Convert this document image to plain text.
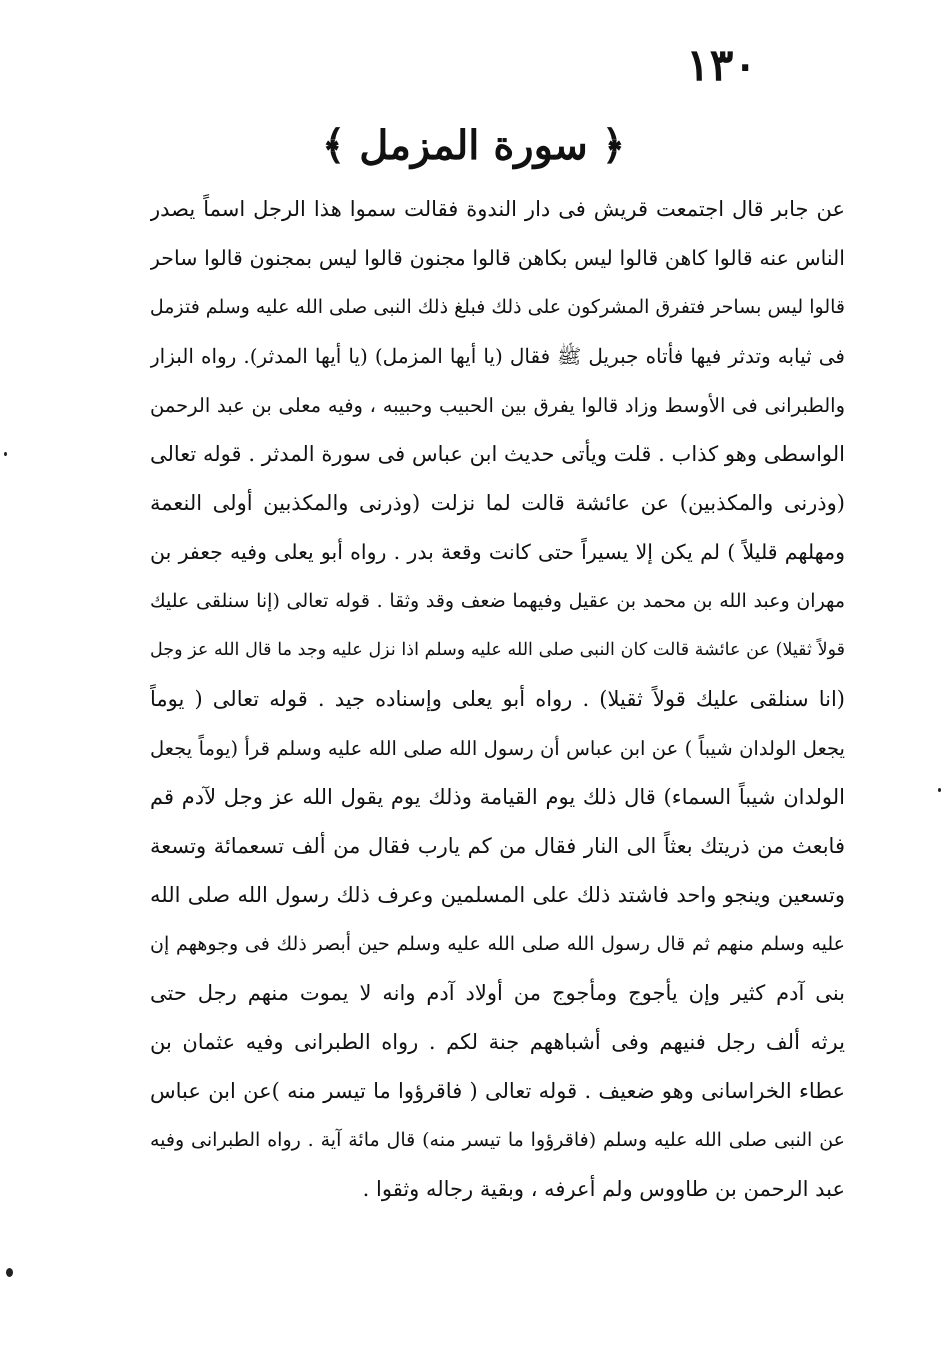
١٣٠
﴿ سورة المزمل ﴾
عن جابر قال اجتمعت قريش فى دار الندوة فقالت سموا هذا الرجل اسماً يصدر
الناس عنه قالوا كاهن قالوا ليس بكاهن قالوا مجنون قالوا ليس بمجنون قالوا ساحر
قالوا ليس بساحر فتفرق المشركون على ذلك فبلغ ذلك النبى صلى الله عليه وسلم فتزمل
فى ثيابه وتدثر فيها فأتاه جبريل ﷺ فقال (يا أيها المزمل) (يا أيها المدثر). رواه البزار
والطبرانى فى الأوسط وزاد قالوا يفرق بين الحبيب وحبيبه ، وفيه معلى بن عبد الرحمن
الواسطى وهو كذاب . قلت ويأتى حديث ابن عباس فى سورة المدثر . قوله تعالى
(وذرنى والمكذبين) عن عائشة قالت لما نزلت (وذرنى والمكذبين أولى النعمة
ومهلهم قليلاً ) لم يكن إلا يسيراً حتى كانت وقعة بدر . رواه أبو يعلى وفيه جعفر بن
مهران وعبد الله بن محمد بن عقيل وفيهما ضعف وقد وثقا . قوله تعالى (إنا سنلقى عليك
قولاً ثقيلا) عن عائشة قالت كان النبى صلى الله عليه وسلم اذا نزل عليه وجد ما قال الله عز وجل
(انا سنلقى عليك قولاً ثقيلا) . رواه أبو يعلى وإسناده جيد . قوله تعالى ( يوماً
يجعل الولدان شيباً ) عن ابن عباس أن رسول الله صلى الله عليه وسلم قرأ (يوماً يجعل
الولدان شيباً السماء) قال ذلك يوم القيامة وذلك يوم يقول الله عز وجل لآدم قم
فابعث من ذريتك بعثاً الى النار فقال من كم يارب فقال من ألف تسعمائة وتسعة
وتسعين وينجو واحد فاشتد ذلك على المسلمين وعرف ذلك رسول الله صلى الله
عليه وسلم منهم ثم قال رسول الله صلى الله عليه وسلم حين أبصر ذلك فى وجوههم إن
بنى آدم كثير وإن يأجوج ومأجوج من أولاد آدم وانه لا يموت منهم رجل حتى
يرثه ألف رجل فنيهم وفى أشباههم جنة لكم . رواه الطبرانى وفيه عثمان بن
عطاء الخراسانى وهو ضعيف . قوله تعالى ( فاقرؤوا ما تيسر منه )عن ابن عباس
عن النبى صلى الله عليه وسلم (فاقرؤوا ما تيسر منه) قال مائة آية . رواه الطبرانى وفيه
عبد الرحمن بن طاووس ولم أعرفه ، وبقية رجاله وثقوا .
